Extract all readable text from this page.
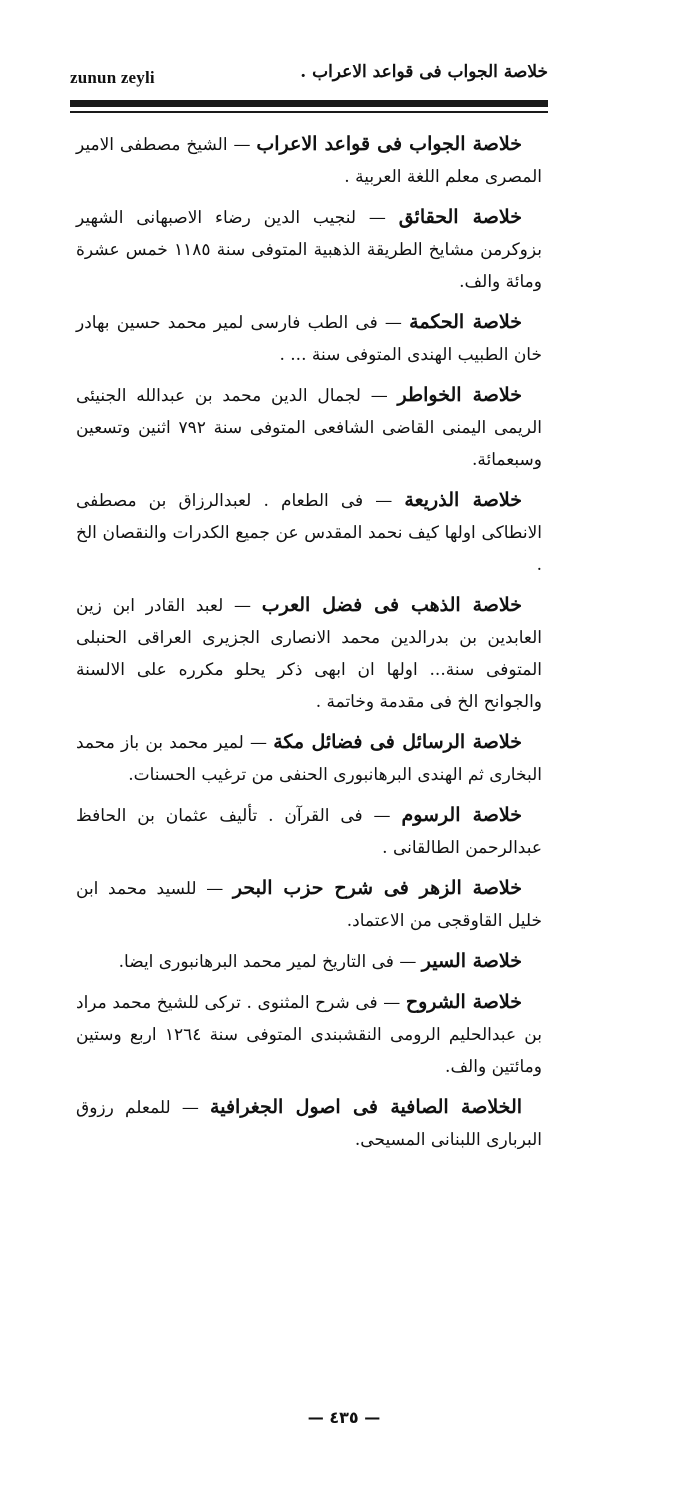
zunun zeyli	خلاصة الجواب فى قواعد الاعراب .

خلاصة الجواب فى قواعد الاعراب — الشيخ مصطفى الامير المصرى معلم اللغة العربية .

خلاصة الحقائق — لنجيب الدين رضاء الاصبهانى الشهير بزوكرمن مشايخ الطريقة الذهبية المتوفى سنة ١١٨٥ خمس عشرة ومائة والف.

خلاصة الحكمة — فى الطب فارسى لمير محمد حسين بهادر خان الطبيب الهندى المتوفى سنة ... .

خلاصة الخواطر — لجمال الدين محمد بن عبدالله الجنيئى الريمى اليمنى القاضى الشافعى المتوفى سنة ٧٩٢ اثنين وتسعين وسبعمائة.

خلاصة الذريعة — فى الطعام . لعبدالرزاق بن مصطفى الانطاكى اولها كيف نحمد المقدس عن جميع الكدرات والنقصان الخ .

خلاصة الذهب فى فضل العرب — لعبد القادر ابن زين العابدين بن بدرالدين محمد الانصارى الجزيرى العراقى الحنبلى المتوفى سنة... اولها ان ابهى ذكر يحلو مكرره على الالسنة والجوانح الخ فى مقدمة وخاتمة .

خلاصة الرسائل فى فضائل مكة — لمير محمد بن باز محمد البخارى ثم الهندى البرهانبورى الحنفى من ترغيب الحسنات.

خلاصة الرسوم — فى القرآن . تأليف عثمان بن الحافظ عبدالرحمن الطالقانى .

خلاصة الزهر فى شرح حزب البحر — للسيد محمد ابن خليل القاوقجى من الاعتماد.

خلاصة السير — فى التاريخ لمير محمد البرهانبورى ايضا.

خلاصة الشروح — فى شرح المثنوى . تركى للشيخ محمد مراد بن عبدالحليم الرومى النقشبندى المتوفى سنة ١٢٦٤ اربع وستين ومائتين والف.

الخلاصة الصافية فى اصول الجغرافية — للمعلم رزوق البربارى اللبنانى المسيحى.

— ٤٣٥ —
